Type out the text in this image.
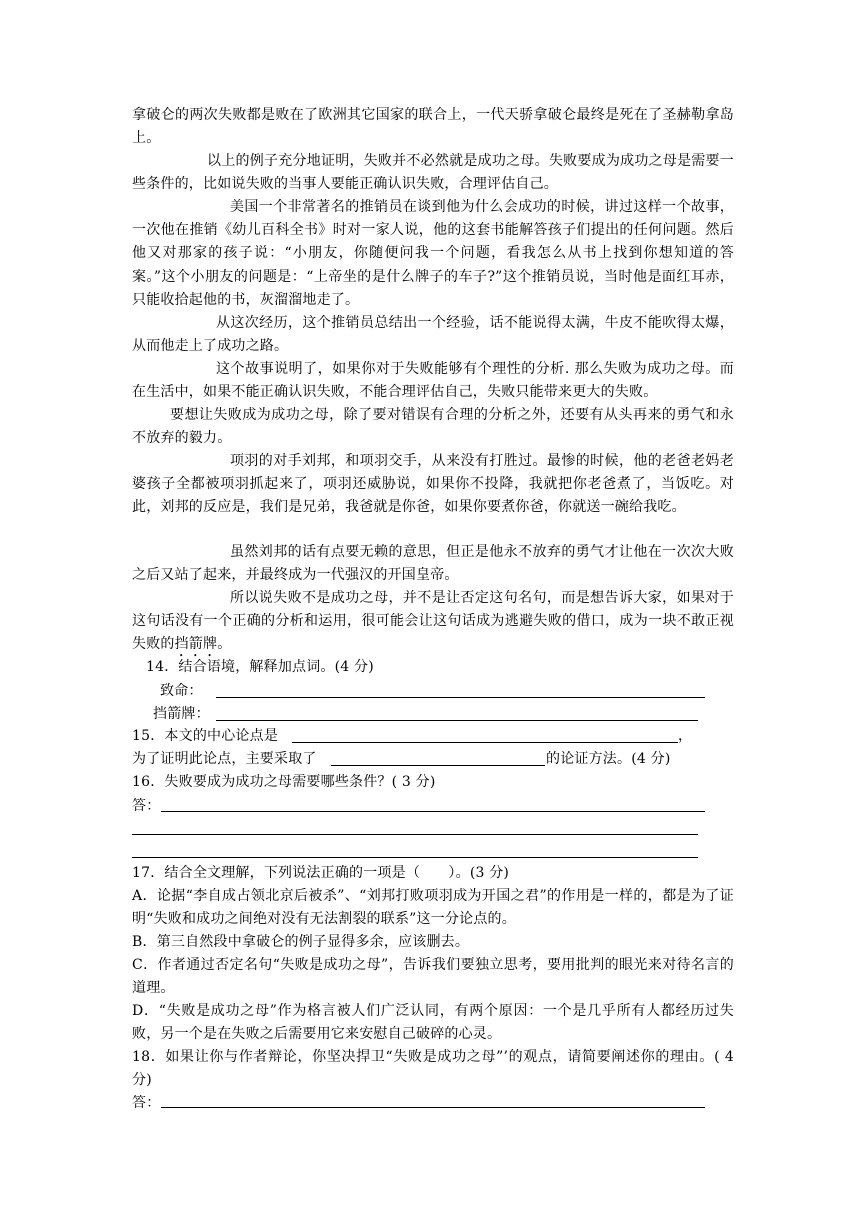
拿破仑的两次失败都是败在了欧洲其它国家的联合上，一代天骄拿破仑最终是死在了圣赫勒拿岛上。
以上的例子充分地证明，失败并不必然就是成功之母。失败要成为成功之母是需要一些条件的，比如说失败的当事人要能正确认识失败，合理评估自己。
美国一个非常著名的推销员在谈到他为什么会成功的时候，讲过这样一个故事，一次他在推销《幼儿百科全书》时对一家人说，他的这套书能解答孩子们提出的任何问题。然后他又对那家的孩子说：“小朋友，你随便问我一个问题，看我怎么从书上找到你想知道的答案。”这个小朋友的问题是：“上帝坐的是什么牌子的车子?”这个推销员说，当时他是面红耳赤，只能收拾起他的书，灰溜溜地走了。
从这次经历，这个推销员总结出一个经验，话不能说得太满，牛皮不能吹得太爆，从而他走上了成功之路。
这个故事说明了，如果你对于失败能够有个理性的分析. 那么失败为成功之母。而在生活中，如果不能正确认识失败，不能合理评估自己，失败只能带来更大的失败。
要想让失败成为成功之母，除了要对错误有合理的分析之外，还要有从头再来的勇气和永不放弃的毅力。
项羽的对手刘邦，和项羽交手，从来没有打胜过。最惨的时候，他的老爸老妈老婆孩子全都被项羽抓起来了，项羽还威胁说，如果你不投降，我就把你老爸煮了，当饭吃。对此，刘邦的反应是，我们是兄弟，我爸就是你爸，如果你要煮你爸，你就送一碗给我吃。
虽然刘邦的话有点要无赖的意思，但正是他永不放弃的勇气才让他在一次次大败之后又站了起来，并最终成为一代强汉的开国皇帝。
所以说失败不是成功之母，并不是让否定这句名句，而是想告诉大家，如果对于这句话没有一个正确的分析和运用，很可能会让这句话成为逃避失败的借口，成为一块不敢正视失败的挡箭牌。
14．结合语境，解释加点词。(4 分)
致命：
挡箭牌：
15．本文的中心论点是	，
为了证明此论点，主要采取了	的论证方法。(4 分)
16．失败要成为成功之母需要哪些条件？( 3 分)
答：
17．结合全文理解，下列说法正确的一项是（　　）。(3 分)
A．论据“李自成占领北京后被杀”、“刘邦打败项羽成为开国之君”的作用是一样的，都是为了证明“失败和成功之间绝对没有无法割裂的联系”这一分论点的。
B．第三自然段中拿破仑的例子显得多余，应该删去。
C．作者通过否定名句“失败是成功之母”，告诉我们要独立思考，要用批判的眼光来对待名言的道理。
D．“失败是成功之母”作为格言被人们广泛认同，有两个原因：一个是几乎所有人都经历过失败，另一个是在失败之后需要用它来安慰自己破碎的心灵。
18．如果让你与作者辩论，你坚决捍卫“失败是成功之母”’的观点，请简要阐述你的理由。( 4 分)
答：
